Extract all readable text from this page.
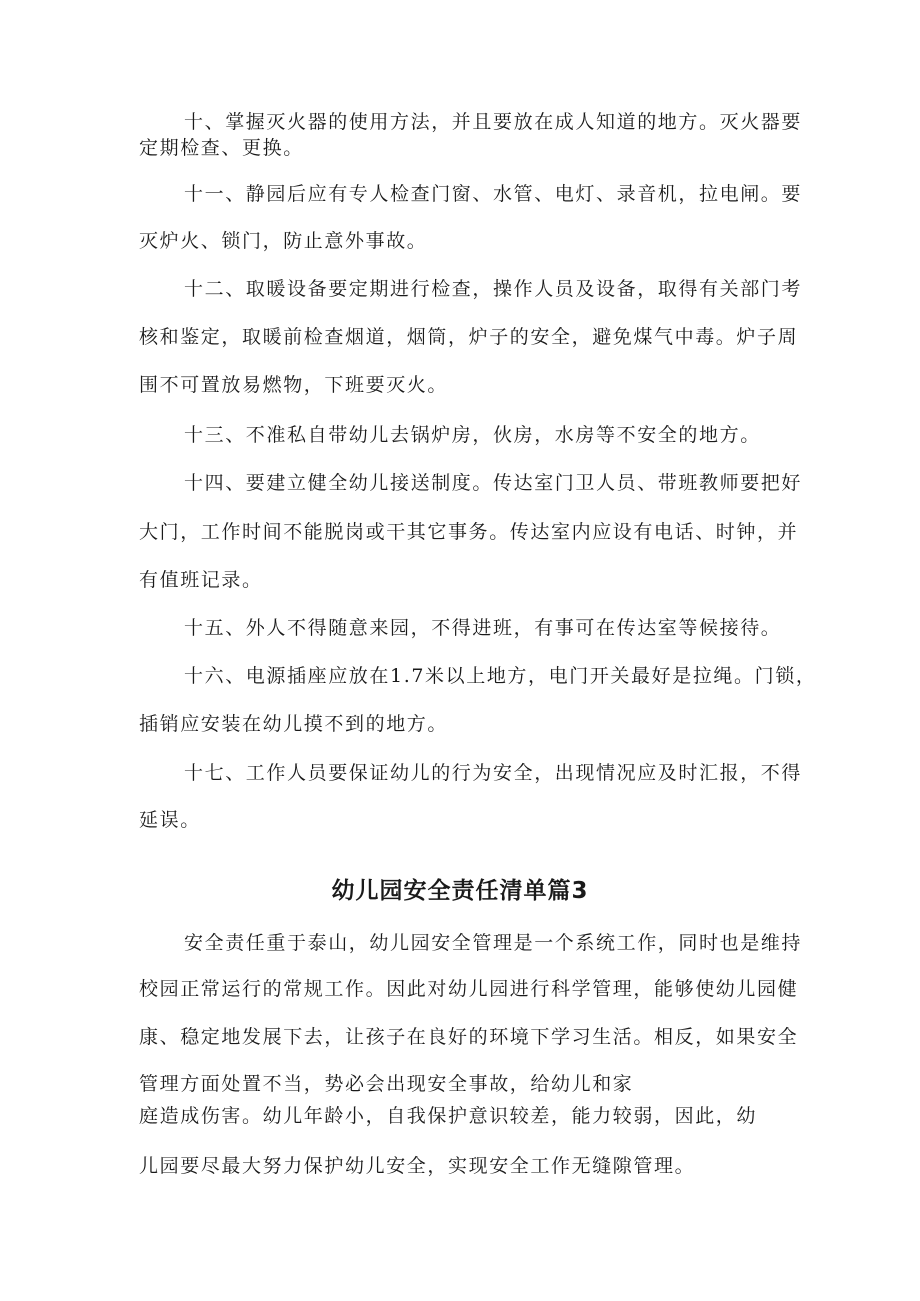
十、掌握灭火器的使用方法，并且要放在成人知道的地方。灭火器要
定期检查、更换。
十一、静园后应有专人检查门窗、水管、电灯、录音机，拉电闸。要
灭炉火、锁门，防止意外事故。
十二、取暖设备要定期进行检查，操作人员及设备，取得有关部门考
核和鉴定，取暖前检查烟道，烟筒，炉子的安全，避免煤气中毒。炉子周
围不可置放易燃物，下班要灭火。
十三、不准私自带幼儿去锅炉房，伙房，水房等不安全的地方。
十四、要建立健全幼儿接送制度。传达室门卫人员、带班教师要把好
大门，工作时间不能脱岗或干其它事务。传达室内应设有电话、时钟，并
有值班记录。
十五、外人不得随意来园，不得进班，有事可在传达室等候接待。
十六、电源插座应放在1.7米以上地方，电门开关最好是拉绳。门锁，
插销应安装在幼儿摸不到的地方。
十七、工作人员要保证幼儿的行为安全，出现情况应及时汇报，不得
延误。
幼儿园安全责任清单篇3
安全责任重于泰山，幼儿园安全管理是一个系统工作，同时也是维持
校园正常运行的常规工作。因此对幼儿园进行科学管理，能够使幼儿园健
康、稳定地发展下去，让孩子在良好的环境下学习生活。相反，如果安全
管理方面处置不当，势必会出现安全事故，给幼儿和家
庭造成伤害。幼儿年龄小，自我保护意识较差，能力较弱，因此，幼
儿园要尽最大努力保护幼儿安全，实现安全工作无缝隙管理。
